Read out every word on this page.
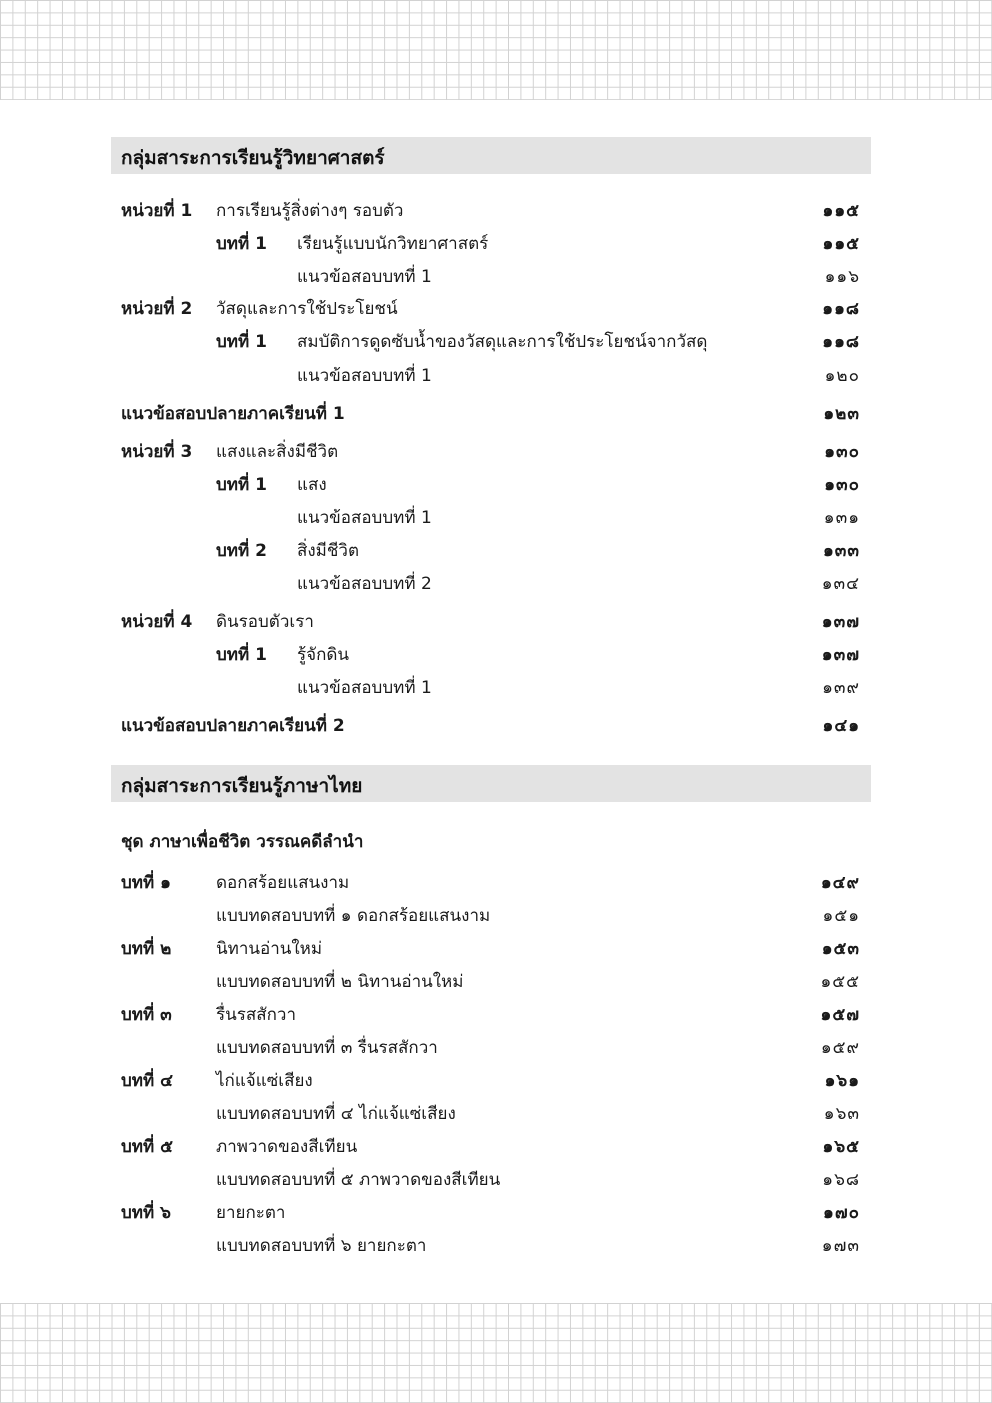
กลุ่มสาระการเรียนรู้วิทยาศาสตร์
หน่วยที่ 1 การเรียนรู้สิ่งต่างๆ รอบตัว	๑๑๕
บทที่ 1 เรียนรู้แบบนักวิทยาศาสตร์	๑๑๕
แนวข้อสอบบทที่ 1	๑๑๖
หน่วยที่ 2 วัสดุและการใช้ประโยชน์	๑๑๘
บทที่ 1 สมบัติการดูดซับน้ำของวัสดุและการใช้ประโยชน์จากวัสดุ	๑๑๘
แนวข้อสอบบทที่ 1	๑๒๐
แนวข้อสอบปลายภาคเรียนที่ 1	๑๒๓
หน่วยที่ 3 แสงและสิ่งมีชีวิต	๑๓๐
บทที่ 1 แสง	๑๓๐
แนวข้อสอบบทที่ 1	๑๓๑
บทที่ 2 สิ่งมีชีวิต	๑๓๓
แนวข้อสอบบทที่ 2	๑๓๔
หน่วยที่ 4 ดินรอบตัวเรา	๑๓๗
บทที่ 1 รู้จักดิน	๑๓๗
แนวข้อสอบบทที่ 1	๑๓๙
แนวข้อสอบปลายภาคเรียนที่ 2	๑๔๑
กลุ่มสาระการเรียนรู้ภาษาไทย
ชุด ภาษาเพื่อชีวิต วรรณคดีลำนำ
บทที่ ๑	ดอกสร้อยแสนงาม	๑๔๙
แบบทดสอบบทที่ ๑ ดอกสร้อยแสนงาม	๑๕๑
บทที่ ๒	นิทานอ่านใหม่	๑๕๓
แบบทดสอบบทที่ ๒ นิทานอ่านใหม่	๑๕๕
บทที่ ๓	รื่นรสสักวา	๑๕๗
แบบทดสอบบทที่ ๓ รื่นรสสักวา	๑๕๙
บทที่ ๔	ไก่แจ้แซ่เสียง	๑๖๑
แบบทดสอบบทที่ ๔ ไก่แจ้แซ่เสียง	๑๖๓
บทที่ ๕	ภาพวาดของสีเทียน	๑๖๕
แบบทดสอบบทที่ ๕ ภาพวาดของสีเทียน	๑๖๘
บทที่ ๖	ยายกะตา	๑๗๐
แบบทดสอบบทที่ ๖ ยายกะตา	๑๗๓
